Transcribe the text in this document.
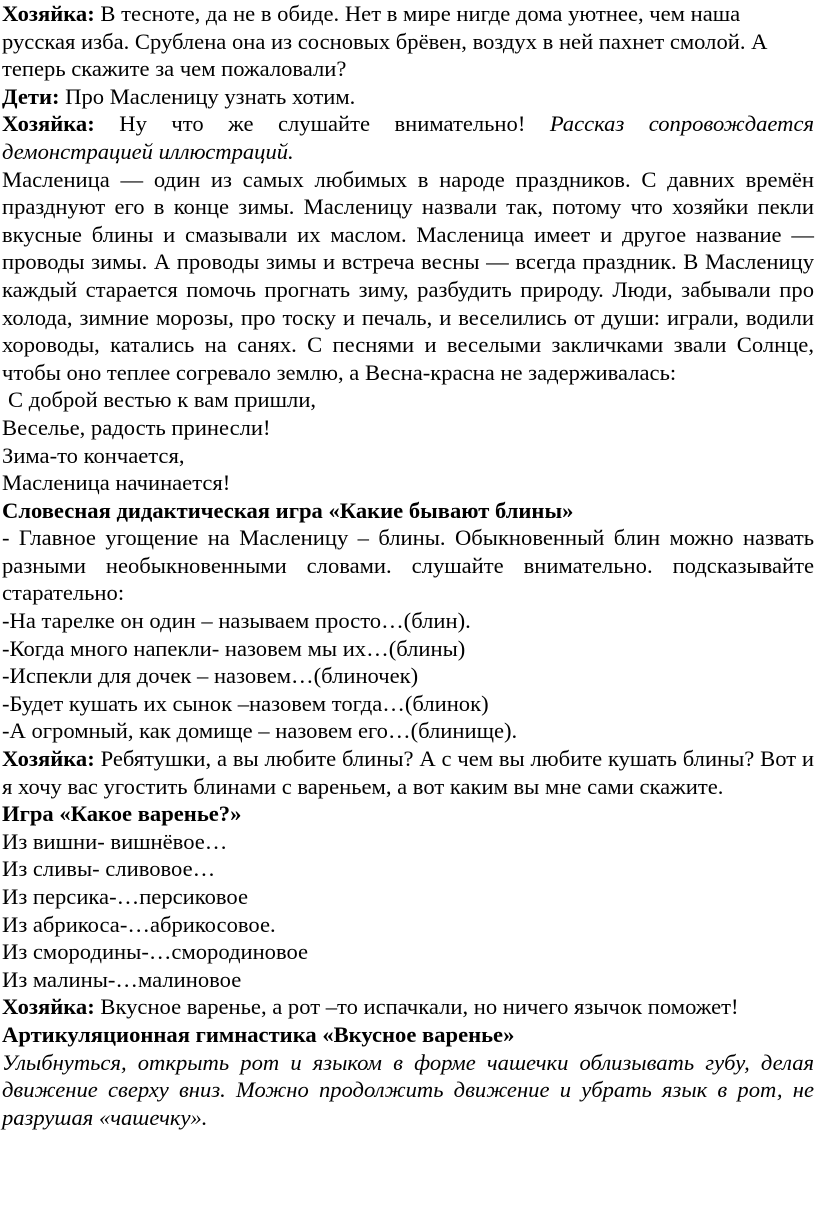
Хозяйка: В тесноте, да не в обиде. Нет в мире нигде дома уютнее, чем наша русская изба. Срублена она из сосновых брёвен, воздух в ней пахнет смолой. А теперь скажите за чем пожаловали?

Дети: Про Масленицу узнать хотим.

Хозяйка: Ну что же слушайте внимательно! Рассказ сопровождается демонстрацией иллюстраций.

Масленица — один из самых любимых в народе праздников. С давних времён празднуют его в конце зимы. Масленицу назвали так, потому что хозяйки пекли вкусные блины и смазывали их маслом. Масленица имеет и другое название — проводы зимы. А проводы зимы и встреча весны — всегда праздник. В Масленицу каждый старается помочь прогнать зиму, разбудить природу. Люди, забывали про холода, зимние морозы, про тоску и печаль, и веселились от души: играли, водили хороводы, катались на санях. С песнями и веселыми закличками звали Солнце, чтобы оно теплее согревало землю, а Весна-красна не задерживалась:

С доброй вестью к вам пришли,

Веселье, радость принесли!

Зима-то кончается,

Масленица начинается!

Словесная дидактическая игра «Какие бывают блины»

- Главное угощение на Масленицу – блины. Обыкновенный блин можно назвать разными необыкновенными словами. слушайте внимательно. подсказывайте старательно:

-На тарелке он один – называем просто…(блин).

-Когда много напекли- назовем мы их…(блины)

-Испекли для дочек – назовем…(блиночек)

-Будет кушать их сынок –назовем тогда…(блинок)

-А огромный, как домище – назовем его…(блинище).

Хозяйка: Ребятушки, а вы любите блины? А с чем вы любите кушать блины? Вот и я хочу вас угостить блинами с вареньем, а вот каким вы мне сами скажите.

Игра «Какое варенье?»

Из вишни- вишнёвое…

Из сливы- сливовое…

Из персика-…персиковое

Из абрикоса-…абрикосовое.

Из смородины-…смородиновое

Из малины-…малиновое

Хозяйка: Вкусное варенье, а рот –то испачкали, но ничего язычок поможет!

Артикуляционная гимнастика «Вкусное варенье»

Улыбнуться, открыть рот и языком в форме чашечки облизывать губу, делая движение сверху вниз. Можно продолжить движение и убрать язык в рот, не разрушая «чашечку».
